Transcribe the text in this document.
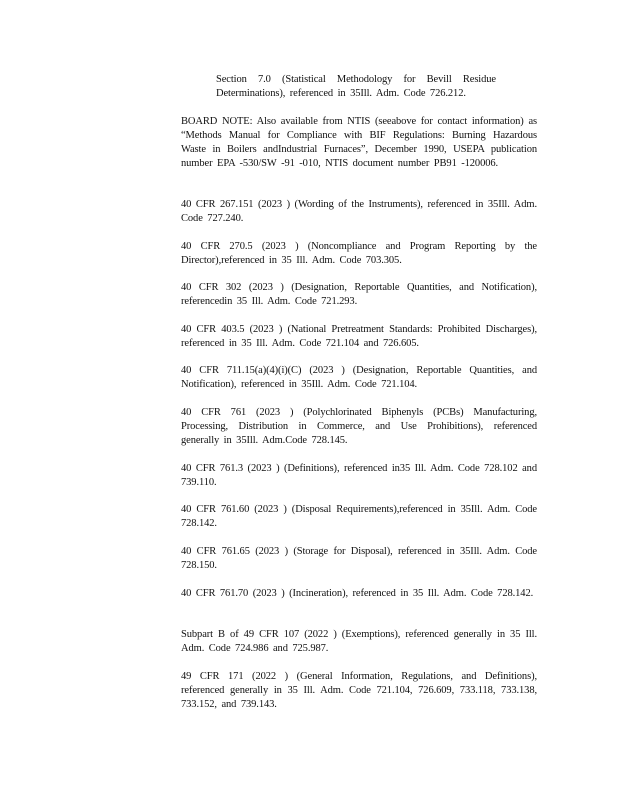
Section 7.0 (Statistical Methodology for Bevill Residue Determinations), referenced in 35Ill. Adm. Code 726.212.

BOARD NOTE: Also available from NTIS (seeabove for contact information) as “Methods Manual for Compliance with BIF Regulations: Burning Hazardous Waste in Boilers andIndustrial Furnaces”, December 1990, USEPA publication number EPA -530/SW -91 -010, NTIS document number PB91 -120006.

40 CFR 267.151 (2023 ) (Wording of the Instruments), referenced in 35Ill. Adm. Code 727.240.

40 CFR 270.5 (2023 ) (Noncompliance and Program Reporting by the Director),referenced in 35 Ill. Adm. Code 703.305.

40 CFR 302 (2023 ) (Designation, Reportable Quantities, and Notification), referencedin 35 Ill. Adm. Code 721.293.

40 CFR 403.5 (2023 ) (National Pretreatment Standards: Prohibited Discharges), referenced in 35 Ill. Adm. Code 721.104 and 726.605.

40 CFR 711.15(a)(4)(i)(C) (2023 ) (Designation, Reportable Quantities, and Notification), referenced in 35Ill. Adm. Code 721.104.

40 CFR 761 (2023 ) (Polychlorinated Biphenyls (PCBs) Manufacturing, Processing, Distribution in Commerce, and Use Prohibitions), referenced generally in 35Ill. Adm.Code 728.145.

40 CFR 761.3 (2023 ) (Definitions), referenced in35 Ill. Adm. Code 728.102 and 739.110.

40 CFR 761.60 (2023 ) (Disposal Requirements),referenced in 35Ill. Adm. Code 728.142.

40 CFR 761.65 (2023 ) (Storage for Disposal), referenced in 35Ill. Adm. Code 728.150.

40 CFR 761.70 (2023 ) (Incineration), referenced in 35 Ill. Adm. Code 728.142.

Subpart B of 49 CFR 107 (2022 ) (Exemptions), referenced generally in 35 Ill. Adm. Code 724.986 and 725.987.

49 CFR 171 (2022 ) (General Information, Regulations, and Definitions), referenced generally in 35 Ill. Adm. Code 721.104, 726.609, 733.118, 733.138, 733.152, and 739.143.
